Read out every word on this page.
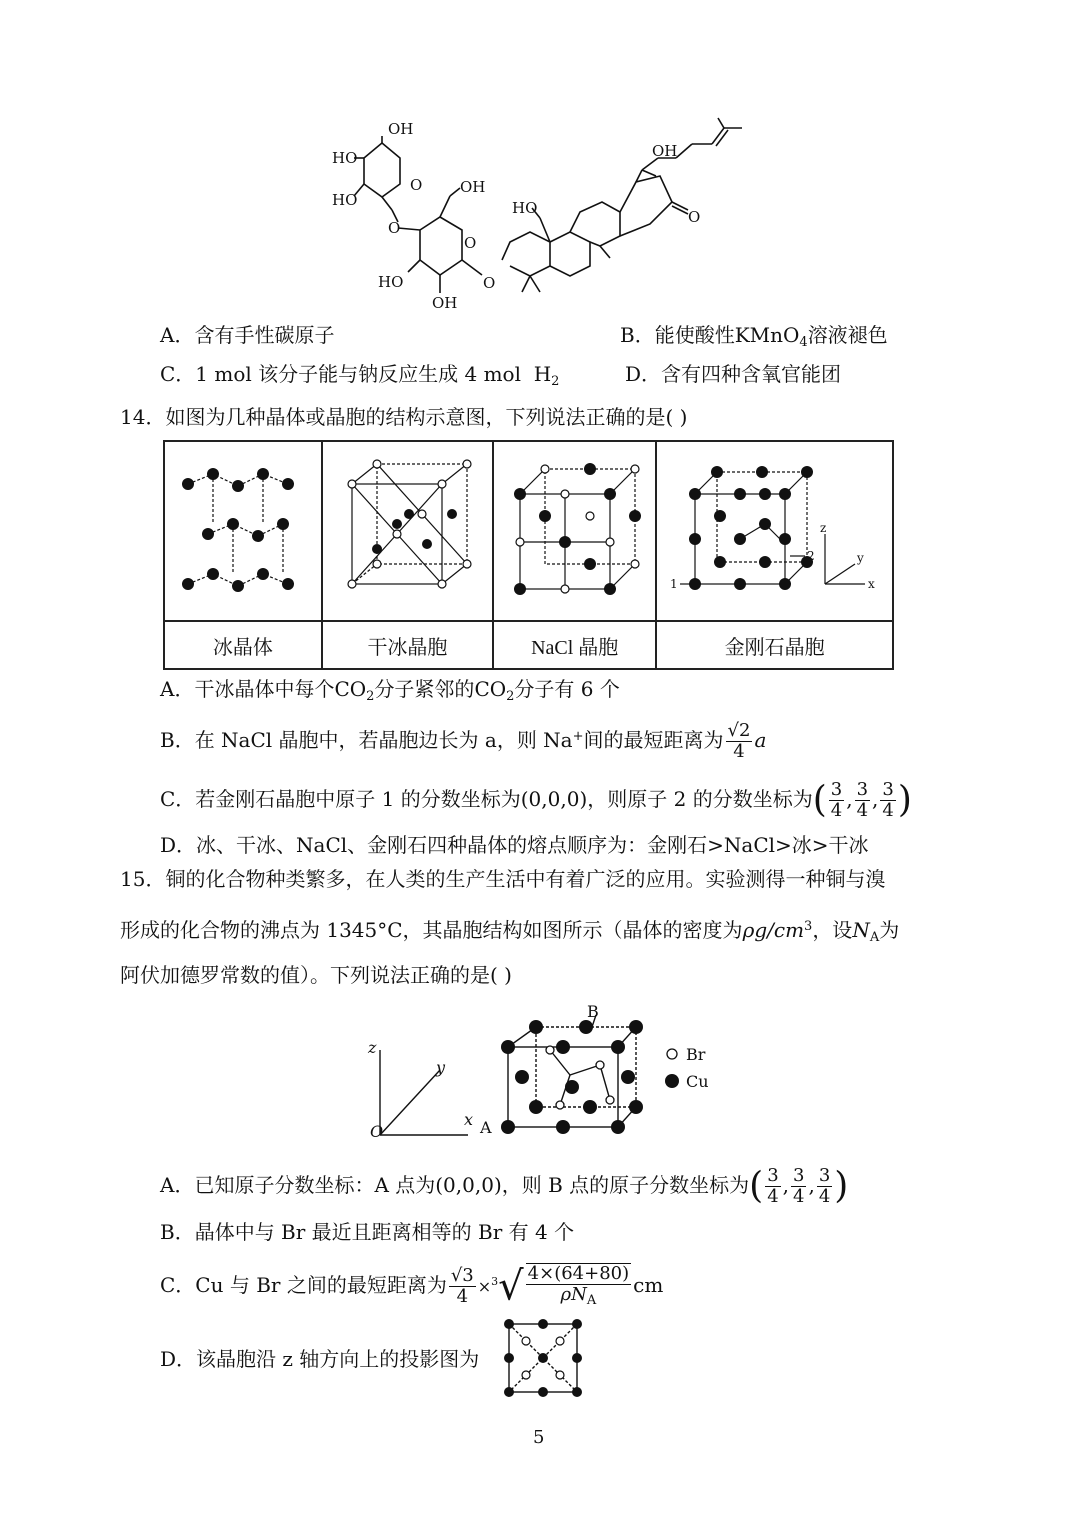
OH
HO
HO
O	OH
O
O
HO
OH
O
HO
OH
O
A．含有手性碳原子	B．能使酸性KMnO$_4$溶液褪色
C．1 mol 该分子能与钠反应生成 4 mol $H_2$	D．含有四种含氧官能团
14．如图为几种晶体或晶胞的结构示意图，下列说法正确的是( )

z
y
x
1
2

冰晶体	干冰晶胞	NaCl 晶胞	金刚石晶胞
A．干冰晶体中每个$CO_2$分子紧邻的$CO_2$分子有 6 个
B．在 NaCl 晶胞中，若晶胞边长为 a，则 Na+间的最短距离为 $\frac{√2}{4}$ a
C．若金刚石晶胞中原子 1 的分数坐标为(0,0,0)，则原子 2 的分数坐标为( $\frac{3}{4}$ , $\frac{3}{4}$ , $\frac{3}{4}$ )
D．冰、干冰、NaCl、金刚石四种晶体的熔点顺序为：金刚石>NaCl>冰>干冰
15．铜的化合物种类繁多，在人类的生产生活中有着广泛的应用。实验测得一种铜与溴
形成的化合物的沸点为 1345°C，其晶胞结构如图所示（晶体的密度为$\rho g/cm^3$，设$N_A$为
阿伏加德罗常数的值）。下列说法正确的是( )
z
y
x
O	A
B
Br
Cu
A．已知原子分数坐标：A 点为(0,0,0)，则 B 点的原子分数坐标为( $\frac{3}{4}$ , $\frac{3}{4}$ , $\frac{3}{4}$ )
B．晶体中与 Br 最近且距离相等的 Br 有 4 个
C．Cu 与 Br 之间的最短距离为 $\frac{√3}{4} \times^3√ \frac{4\times(64+80)}{\rho N_A}$ cm
D．该晶胞沿 z 轴方向上的投影图为
5
